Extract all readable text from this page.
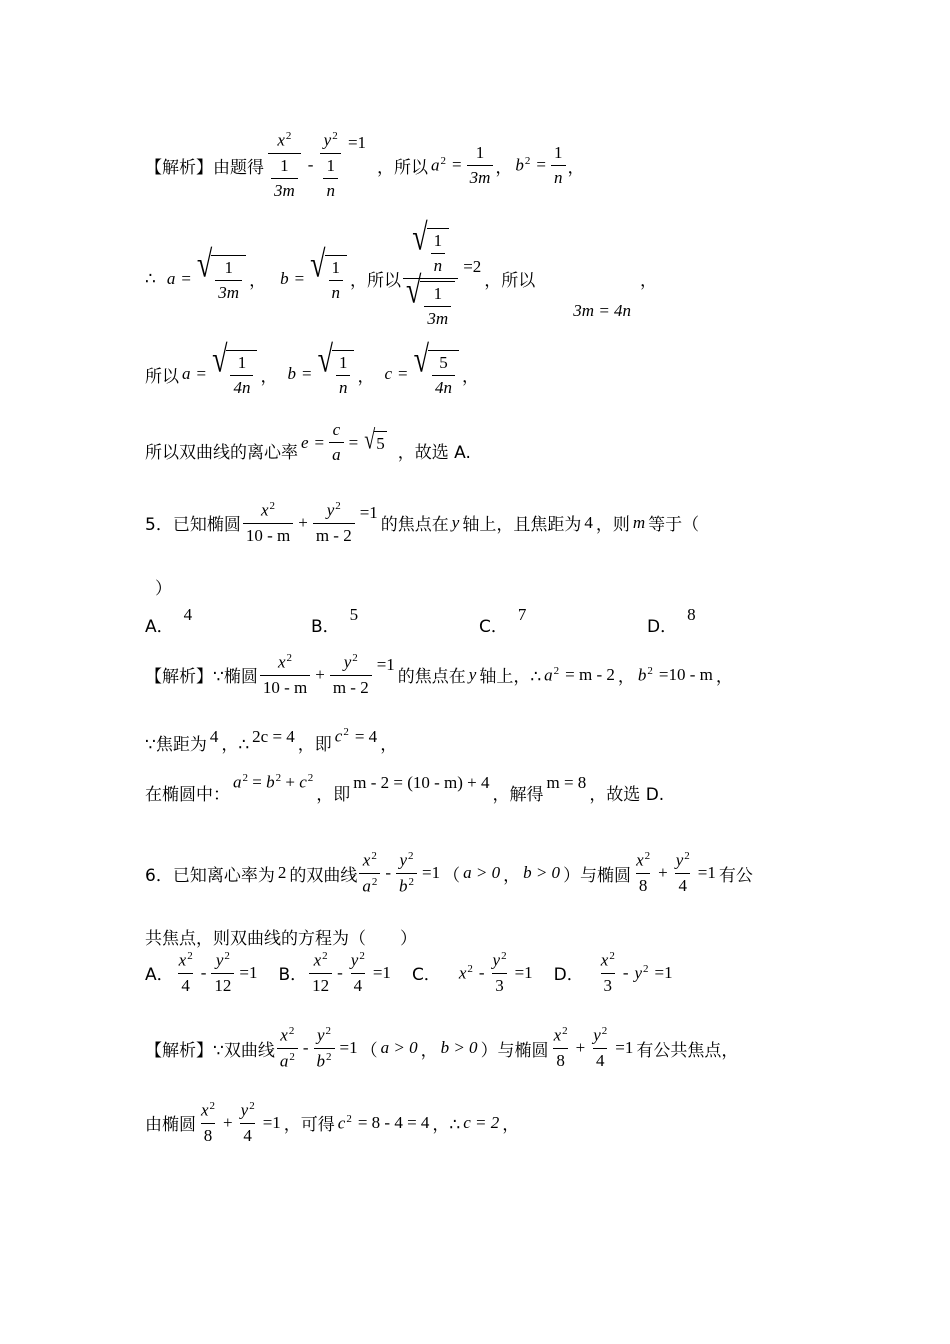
【解析】 由题得 $\frac{x^2}{\frac{1}{3m}} - \frac{y^2}{\frac{1}{n}} =1$
，所以 $a^2 = \frac{1}{3m}$ ， $b^2 = \frac{1}{n}$ ，
∴ a = √ $\frac{1}{3m}$ ， b = √ $\frac{1}{n}$ ，所以 $\frac{√ \frac{1}{n}}{√ \frac{1}{3m}} =2$
，所以
3m = 4n
，
所以 a = √ $\frac{1}{4n}$ ， b = √ $\frac{1}{n}$ ， c = √ $\frac{5}{4n}$ ，
所以双曲线的离心率
$e = \frac{c}{a}$ = √ 5 ，故选 A.
5．已知椭圆 $\frac{x^2}{10 - m} + \frac{y^2}{m - 2} =1$
的焦点在 y 轴上，且焦距为 4 ，则 m 等于（
）
A．4
B．5
C．7
D．8
【解析】 ∵椭圆 $\frac{x^2}{10 - m} + \frac{y^2}{m - 2} =1$
的焦点在 y 轴上，∴ $a^2 = m - 2$ ， $b^2 =10 - m$ ，
∵焦距为 4 ，∴ 2c = 4 ，即 $c^2 = 4$ ，
在椭圆中：
$a^2 = b^2 + c^2$
，即
m - 2 = (10 - m) + 4
，解得
m = 8
，故选 D.
6．已知离心率为 2 的双曲线 $\frac{x^2}{a^2} - \frac{y^2}{b^2} =1$ （ a > 0 ， b > 0 ）与椭圆 $\frac{x^2}{8} + \frac{y^2}{4} =1$ 有公
共焦点，则双曲线的方程为（　　）
A． $\frac{x^2}{4} - \frac{y^2}{12} =1$ B． $\frac{x^2}{12} - \frac{y^2}{4} =1$ C． $x^2 - \frac{y^2}{3} =1$ D． $\frac{x^2}{3} - y^2 =1$
【解析】 ∵双曲线 $\frac{x^2}{a^2} - \frac{y^2}{b^2} =1$ （ a > 0 ， b > 0 ）与椭圆 $\frac{x^2}{8} + \frac{y^2}{4} =1$ 有公共焦点，
由椭圆 $\frac{x^2}{8} + \frac{y^2}{4} =1$ ，可得 $c^2 = 8 - 4 = 4$ ，∴ c = 2 ，
